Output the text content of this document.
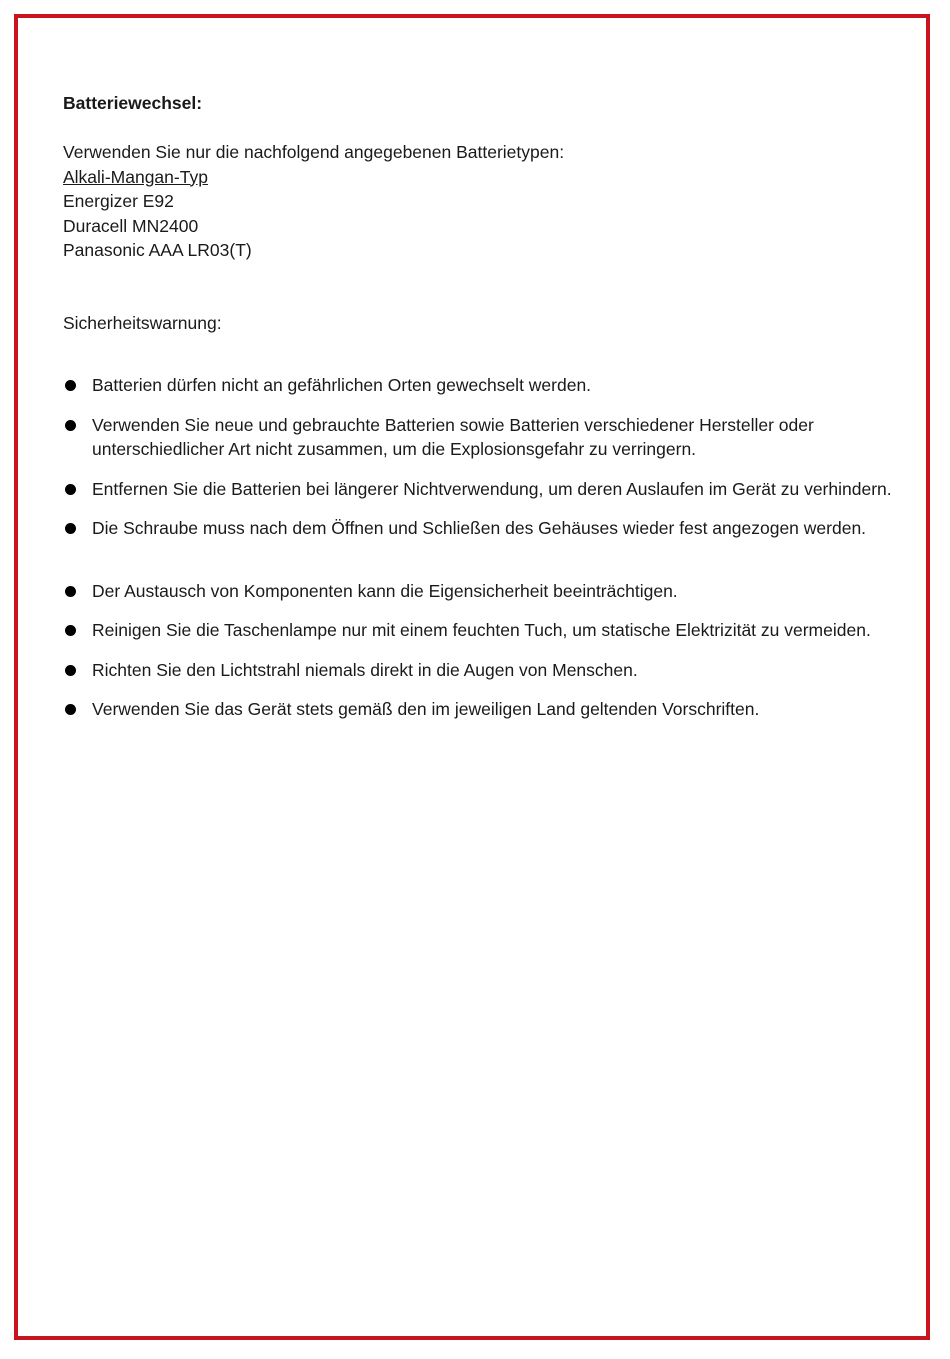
Batteriewechsel:
Verwenden Sie nur die nachfolgend angegebenen Batterietypen:
Alkali-Mangan-Typ
Energizer E92
Duracell MN2400
Panasonic AAA LR03(T)
Sicherheitswarnung:
Batterien dürfen nicht an gefährlichen Orten gewechselt werden.
Verwenden Sie neue und gebrauchte Batterien sowie Batterien verschiedener Hersteller oder unterschiedlicher Art nicht zusammen, um die Explosionsgefahr zu verringern.
Entfernen Sie die Batterien bei längerer Nichtverwendung, um deren Auslaufen im Gerät zu verhindern.
Die Schraube muss nach dem Öffnen und Schließen des Gehäuses wieder fest angezogen werden.
Der Austausch von Komponenten kann die Eigensicherheit beeinträchtigen.
Reinigen Sie die Taschenlampe nur mit einem feuchten Tuch, um statische Elektrizität zu vermeiden.
Richten Sie den Lichtstrahl niemals direkt in die Augen von Menschen.
Verwenden Sie das Gerät stets gemäß den im jeweiligen Land geltenden Vorschriften.
